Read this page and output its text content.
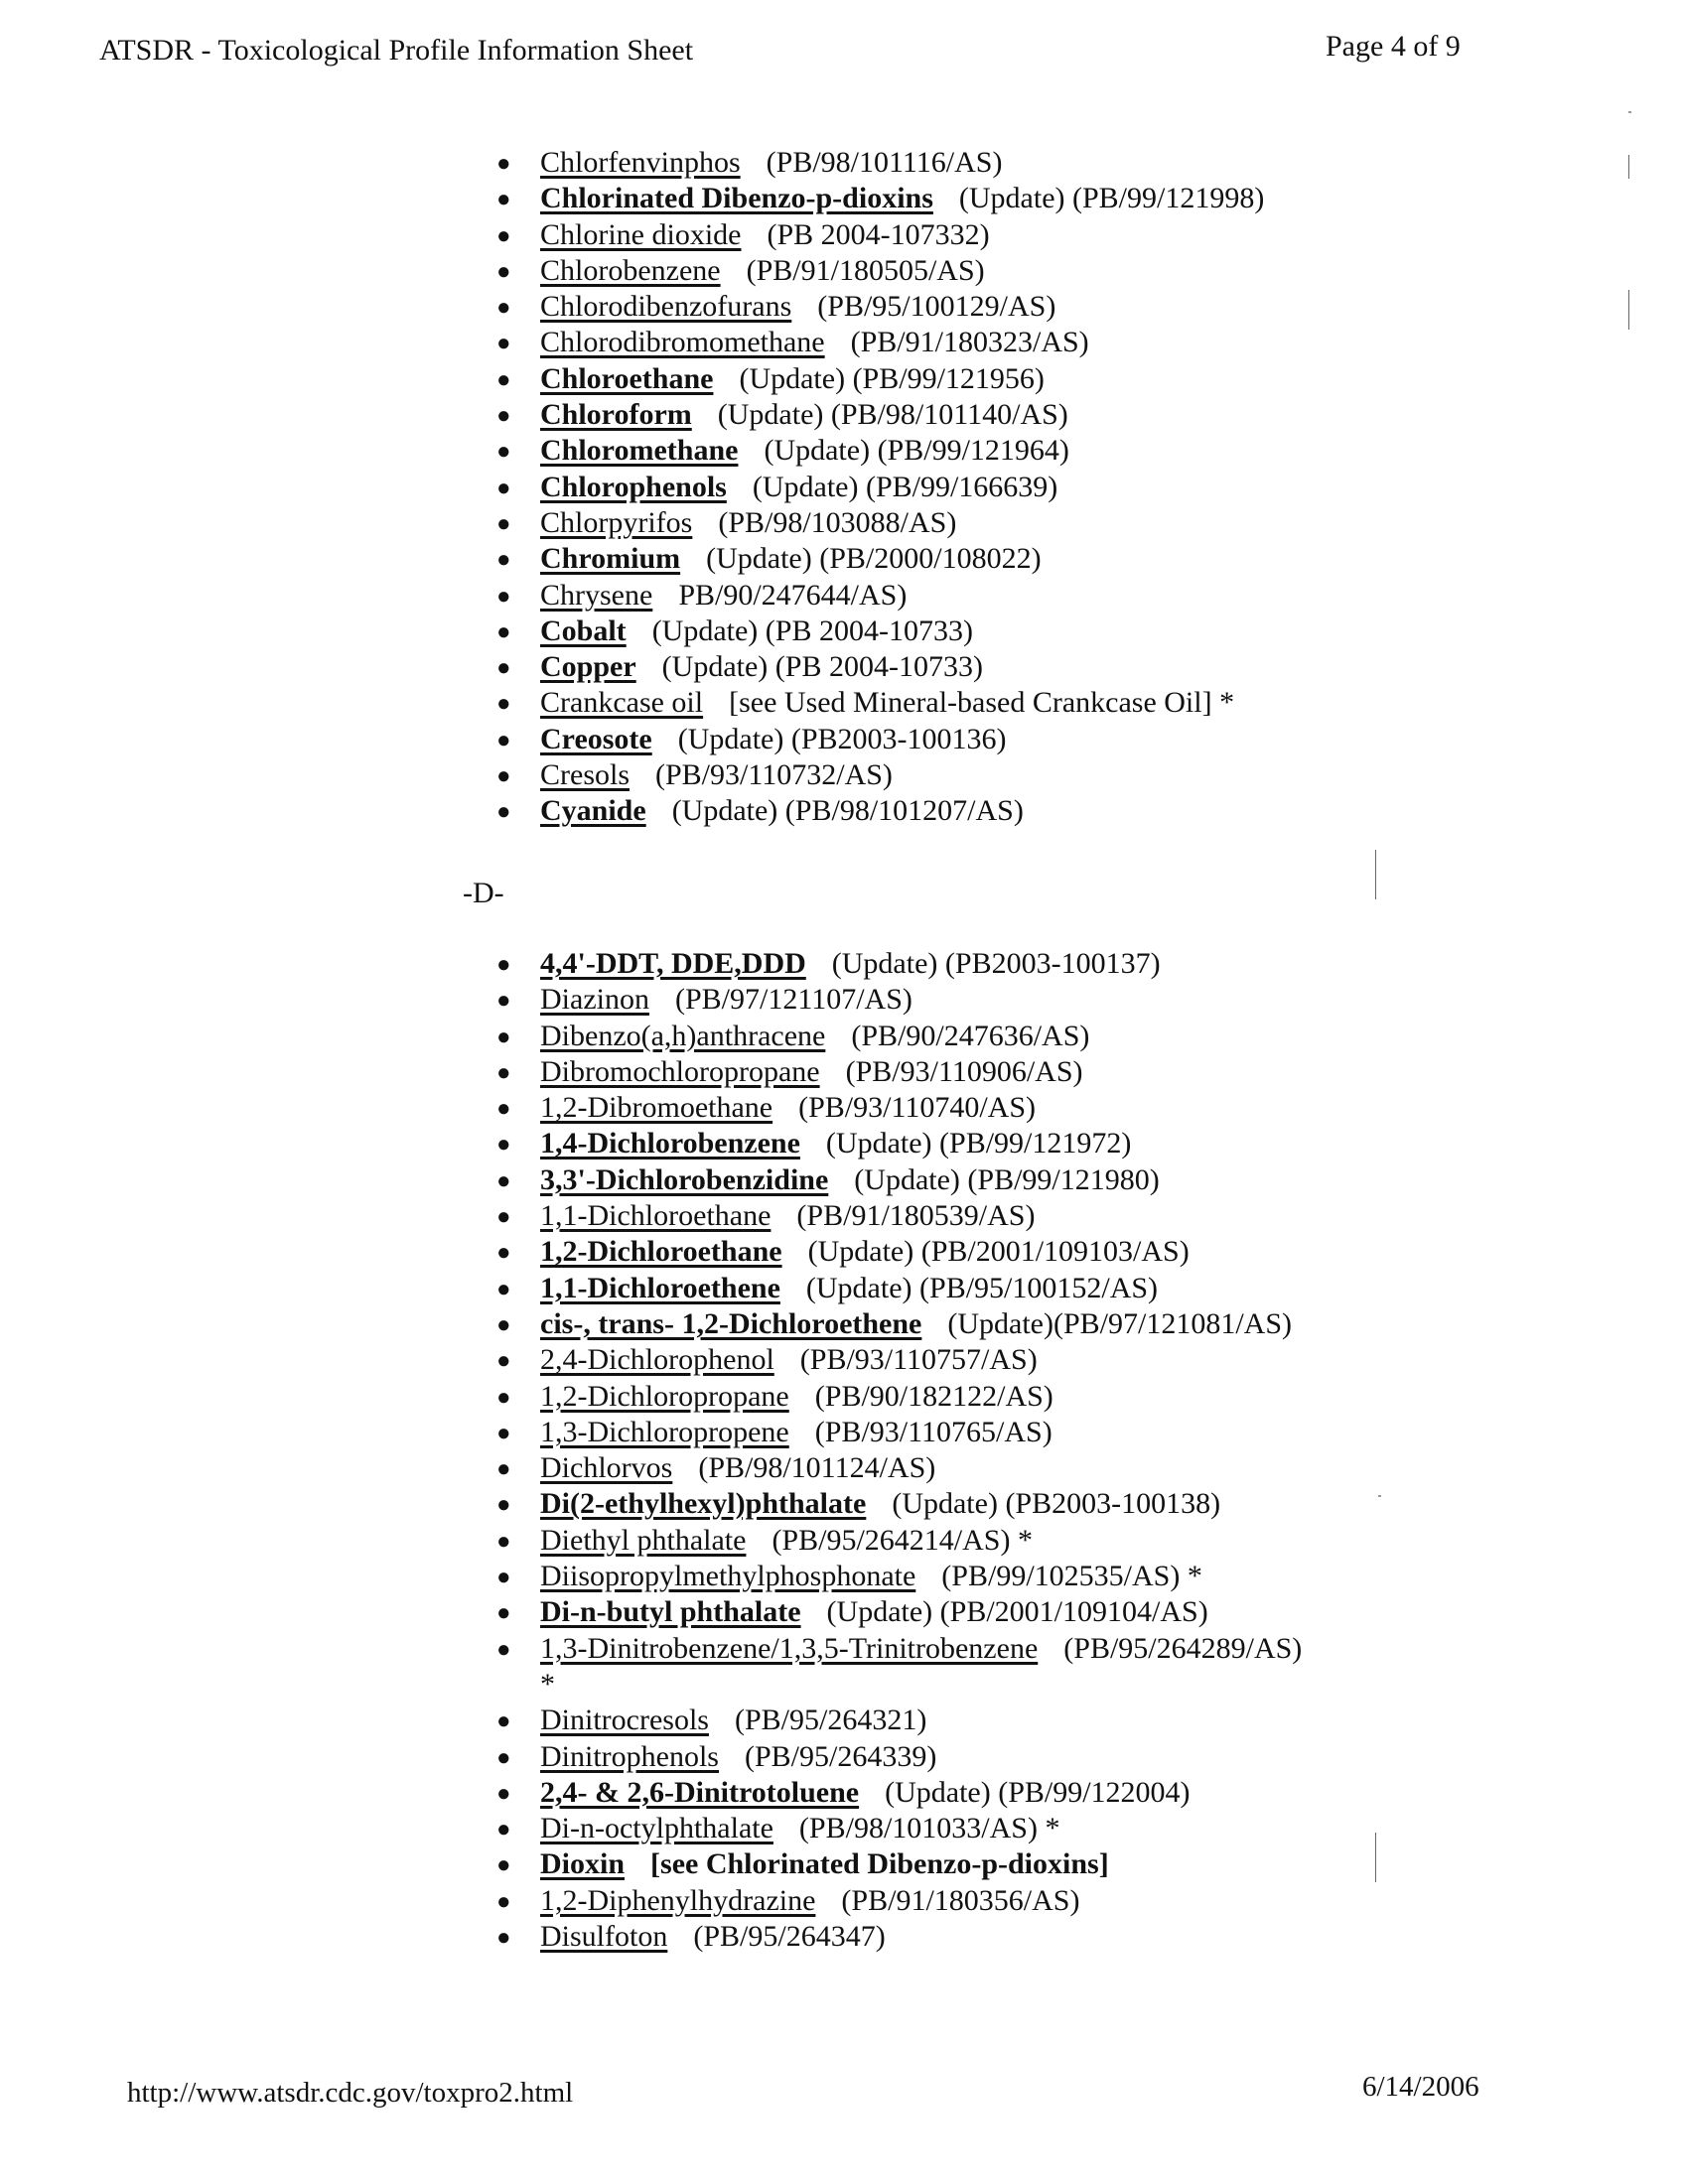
ATSDR - Toxicological Profile Information Sheet	Page 4 of 9
● Chlorfenvinphos (PB/98/101116/AS)
● Chlorinated Dibenzo-p-dioxins (Update) (PB/99/121998)
● Chlorine dioxide (PB 2004-107332)
● Chlorobenzene (PB/91/180505/AS)
● Chlorodibenzofurans (PB/95/100129/AS)
● Chlorodibromomethane (PB/91/180323/AS)
● Chloroethane (Update) (PB/99/121956)
● Chloroform (Update) (PB/98/101140/AS)
● Chloromethane (Update) (PB/99/121964)
● Chlorophenols (Update) (PB/99/166639)
● Chlorpyrifos (PB/98/103088/AS)
● Chromium (Update) (PB/2000/108022)
● Chrysene PB/90/247644/AS)
● Cobalt (Update) (PB 2004-10733)
● Copper (Update) (PB 2004-10733)
● Crankcase oil [see Used Mineral-based Crankcase Oil] *
● Creosote (Update) (PB2003-100136)
● Cresols (PB/93/110732/AS)
● Cyanide (Update) (PB/98/101207/AS)
-D-
● 4,4'-DDT, DDE,DDD (Update) (PB2003-100137)
● Diazinon (PB/97/121107/AS)
● Dibenzo(a,h)anthracene (PB/90/247636/AS)
● Dibromochloropropane (PB/93/110906/AS)
● 1,2-Dibromoethane (PB/93/110740/AS)
● 1,4-Dichlorobenzene (Update) (PB/99/121972)
● 3,3'-Dichlorobenzidine (Update) (PB/99/121980)
● 1,1-Dichloroethane (PB/91/180539/AS)
● 1,2-Dichloroethane (Update) (PB/2001/109103/AS)
● 1,1-Dichloroethene (Update) (PB/95/100152/AS)
● cis-, trans- 1,2-Dichloroethene (Update)(PB/97/121081/AS)
● 2,4-Dichlorophenol (PB/93/110757/AS)
● 1,2-Dichloropropane (PB/90/182122/AS)
● 1,3-Dichloropropene (PB/93/110765/AS)
● Dichlorvos (PB/98/101124/AS)
● Di(2-ethylhexyl)phthalate (Update) (PB2003-100138)
● Diethyl phthalate (PB/95/264214/AS) *
● Diisopropylmethylphosphonate (PB/99/102535/AS) *
● Di-n-butyl phthalate (Update) (PB/2001/109104/AS)
● 1,3-Dinitrobenzene/1,3,5-Trinitrobenzene (PB/95/264289/AS)
*
● Dinitrocresols (PB/95/264321)
● Dinitrophenols (PB/95/264339)
● 2,4- & 2,6-Dinitrotoluene (Update) (PB/99/122004)
● Di-n-octylphthalate (PB/98/101033/AS) *
● Dioxin [see Chlorinated Dibenzo-p-dioxins]
● 1,2-Diphenylhydrazine (PB/91/180356/AS)
● Disulfoton (PB/95/264347)
http://www.atsdr.cdc.gov/toxpro2.html	6/14/2006
